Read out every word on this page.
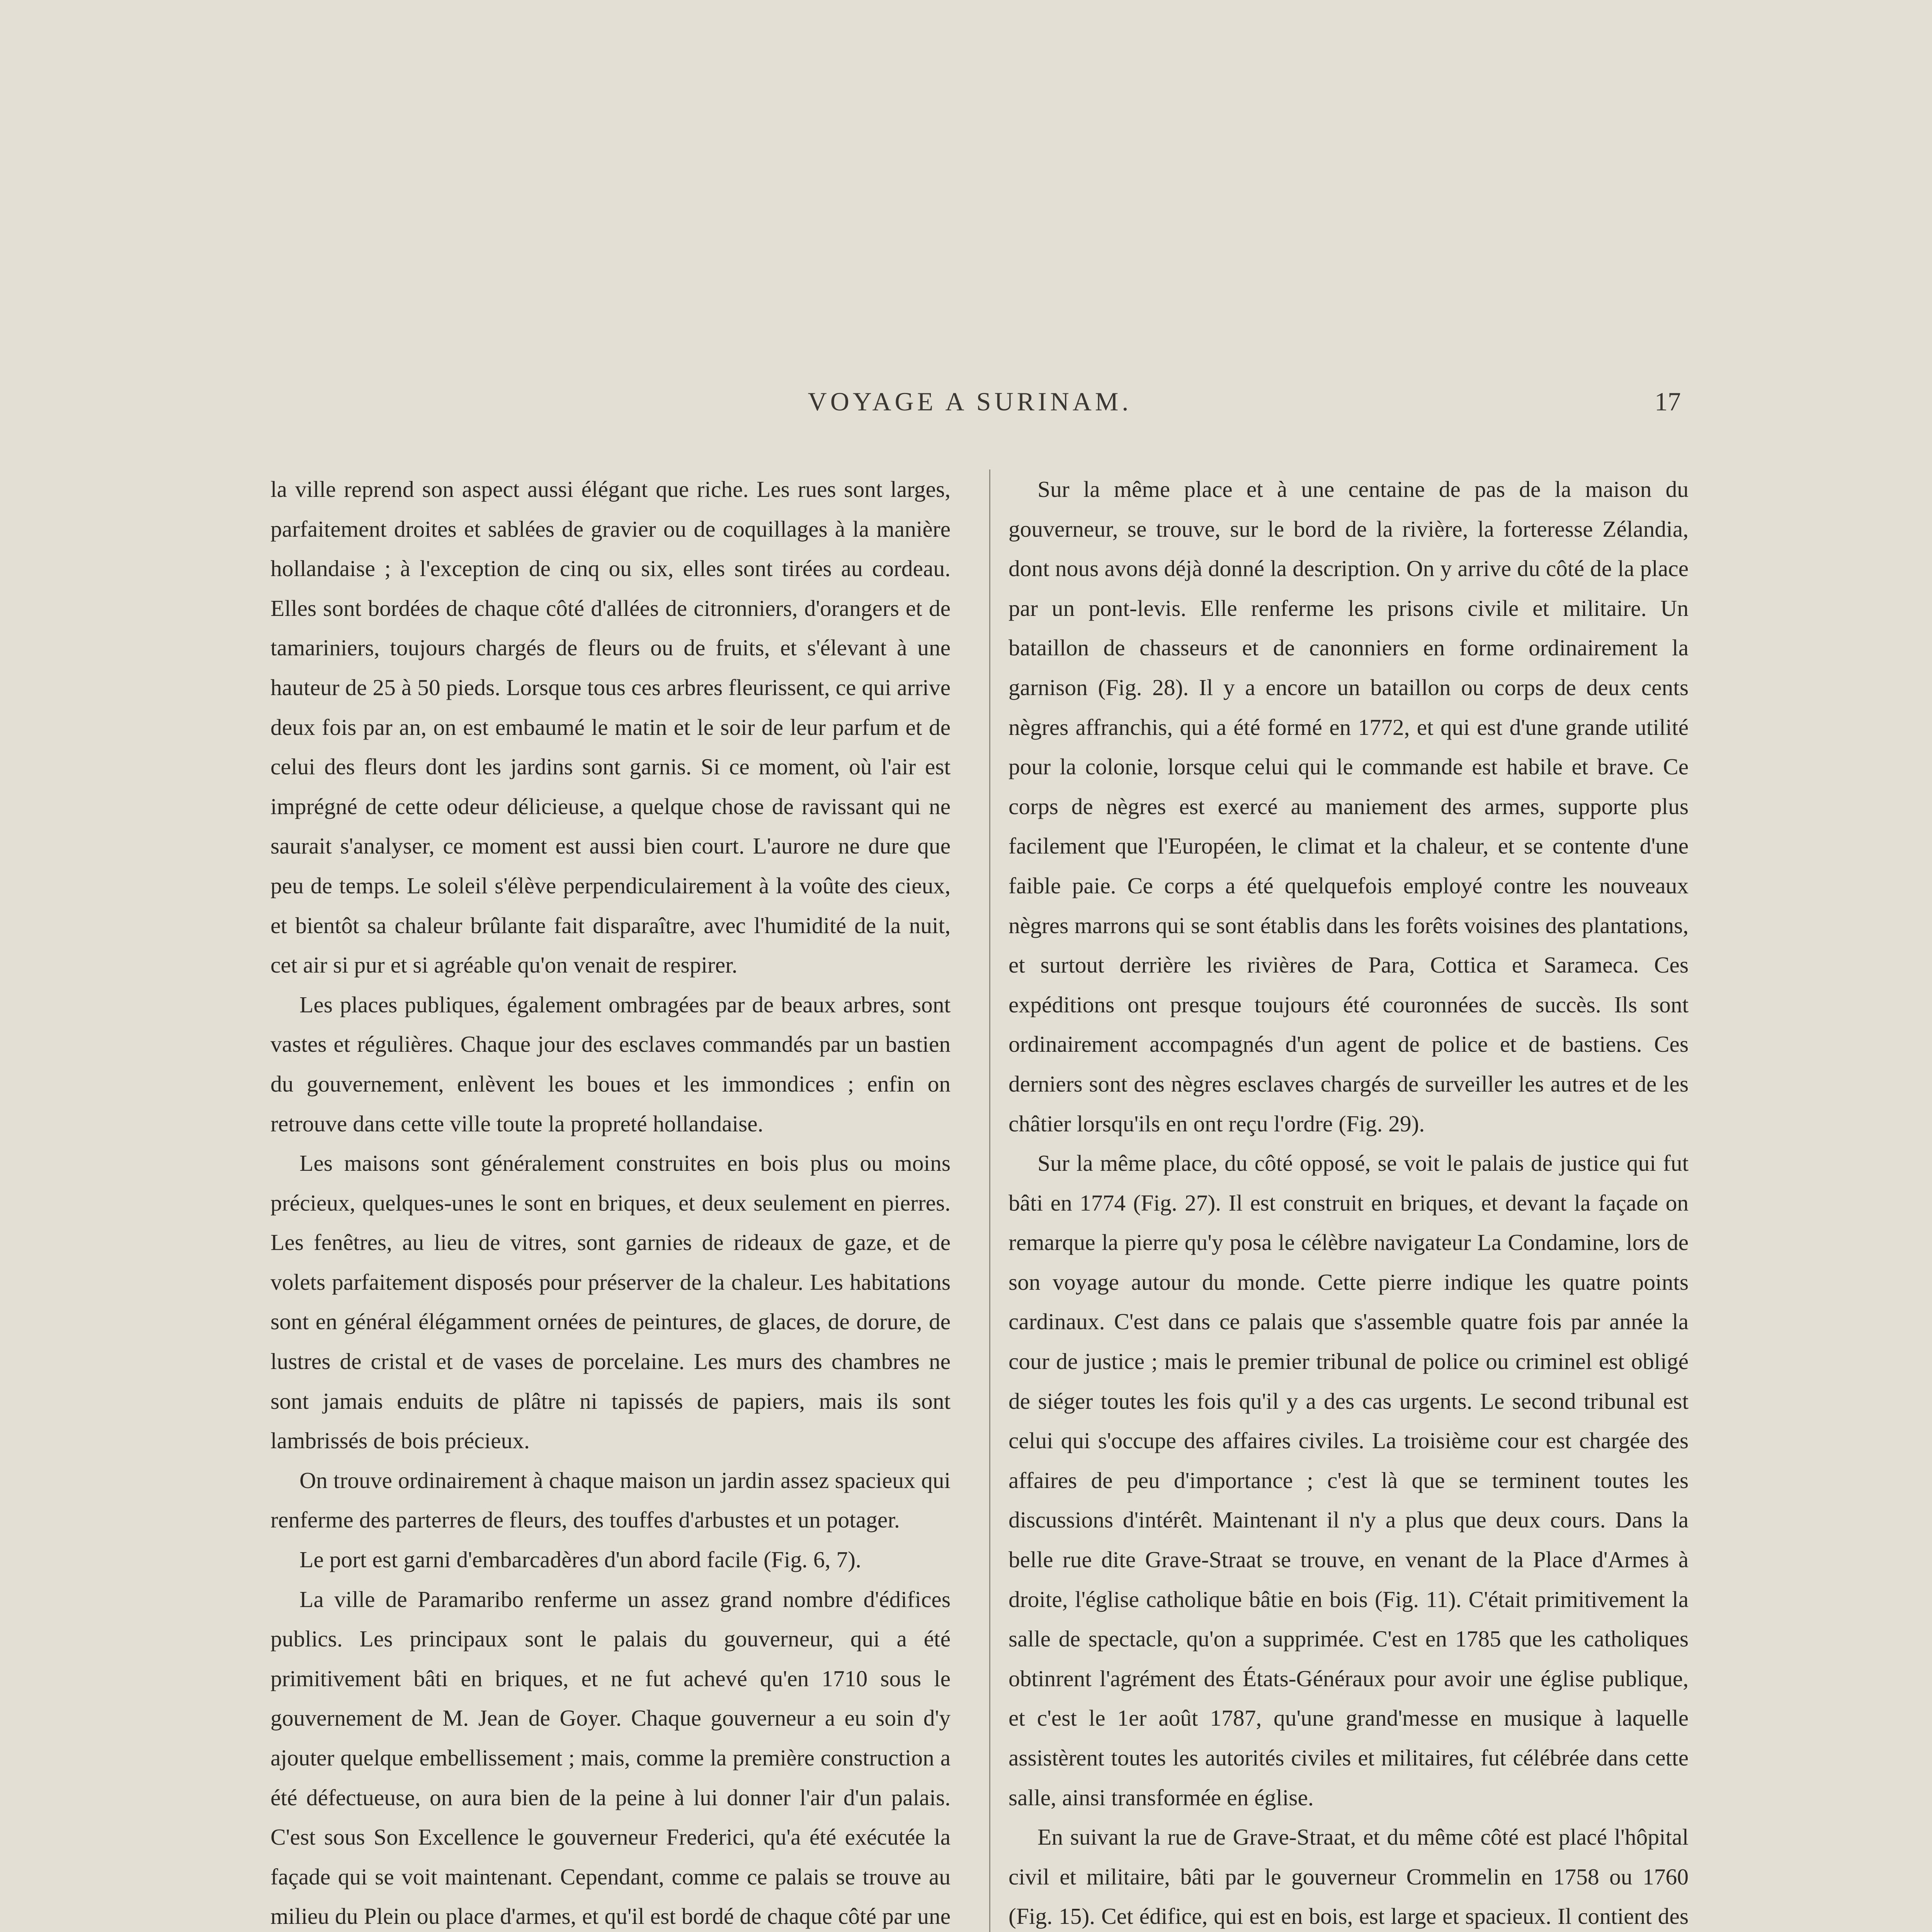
VOYAGE A SURINAM.	17

la ville reprend son aspect aussi élégant que riche. Les rues sont larges, parfaitement droites et sablées de gravier ou de coquillages à la manière hollandaise ; à l'exception de cinq ou six, elles sont tirées au cordeau. Elles sont bordées de chaque côté d'allées de citronniers, d'orangers et de tamariniers, toujours chargés de fleurs ou de fruits, et s'élevant à une hauteur de 25 à 50 pieds. Lorsque tous ces arbres fleurissent, ce qui arrive deux fois par an, on est embaumé le matin et le soir de leur parfum et de celui des fleurs dont les jardins sont garnis. Si ce moment, où l'air est imprégné de cette odeur délicieuse, a quelque chose de ravissant qui ne saurait s'analyser, ce moment est aussi bien court. L'aurore ne dure que peu de temps. Le soleil s'élève perpendiculairement à la voûte des cieux, et bientôt sa chaleur brûlante fait disparaître, avec l'humidité de la nuit, cet air si pur et si agréable qu'on venait de respirer.

Les places publiques, également ombragées par de beaux arbres, sont vastes et régulières. Chaque jour des esclaves commandés par un bastien du gouvernement, enlèvent les boues et les immondices ; enfin on retrouve dans cette ville toute la propreté hollandaise.

Les maisons sont généralement construites en bois plus ou moins précieux, quelques-unes le sont en briques, et deux seulement en pierres. Les fenêtres, au lieu de vitres, sont garnies de rideaux de gaze, et de volets parfaitement disposés pour préserver de la chaleur. Les habitations sont en général élégamment ornées de peintures, de glaces, de dorure, de lustres de cristal et de vases de porcelaine. Les murs des chambres ne sont jamais enduits de plâtre ni tapissés de papiers, mais ils sont lambrissés de bois précieux.

On trouve ordinairement à chaque maison un jardin assez spacieux qui renferme des parterres de fleurs, des touffes d'arbustes et un potager.

Le port est garni d'embarcadères d'un abord facile (Fig. 6, 7).

La ville de Paramaribo renferme un assez grand nombre d'édifices publics. Les principaux sont le palais du gouverneur, qui a été primitivement bâti en briques, et ne fut achevé qu'en 1710 sous le gouvernement de M. Jean de Goyer. Chaque gouverneur a eu soin d'y ajouter quelque embellissement ; mais, comme la première construction a été défectueuse, on aura bien de la peine à lui donner l'air d'un palais. C'est sous Son Excellence le gouverneur Frederici, qu'a été exécutée la façade qui se voit maintenant. Cependant, comme ce palais se trouve au milieu du Plein ou place d'armes, et qu'il est bordé de chaque côté par une

Sur la même place et à une centaine de pas de la maison du gouverneur, se trouve, sur le bord de la rivière, la forteresse Zélandia, dont nous avons déjà donné la description. On y arrive du côté de la place par un pont-levis. Elle renferme les prisons civile et militaire. Un bataillon de chasseurs et de canonniers en forme ordinairement la garnison (Fig. 28). Il y a encore un bataillon ou corps de deux cents nègres affranchis, qui a été formé en 1772, et qui est d'une grande utilité pour la colonie, lorsque celui qui le commande est habile et brave. Ce corps de nègres est exercé au maniement des armes, supporte plus facilement que l'Européen, le climat et la chaleur, et se contente d'une faible paie. Ce corps a été quelquefois employé contre les nouveaux nègres marrons qui se sont établis dans les forêts voisines des plantations, et surtout derrière les rivières de Para, Cottica et Sarameca. Ces expéditions ont presque toujours été couronnées de succès. Ils sont ordinairement accompagnés d'un agent de police et de bastiens. Ces derniers sont des nègres esclaves chargés de surveiller les autres et de les châtier lorsqu'ils en ont reçu l'ordre (Fig. 29).

Sur la même place, du côté opposé, se voit le palais de justice qui fut bâti en 1774 (Fig. 27). Il est construit en briques, et devant la façade on remarque la pierre qu'y posa le célèbre navigateur La Condamine, lors de son voyage autour du monde. Cette pierre indique les quatre points cardinaux. C'est dans ce palais que s'assemble quatre fois par année la cour de justice ; mais le premier tribunal de police ou criminel est obligé de siéger toutes les fois qu'il y a des cas urgents. Le second tribunal est celui qui s'occupe des affaires civiles. La troisième cour est chargée des affaires de peu d'importance ; c'est là que se terminent toutes les discussions d'intérêt. Maintenant il n'y a plus que deux cours. Dans la belle rue dite Grave-Straat se trouve, en venant de la Place d'Armes à droite, l'église catholique bâtie en bois (Fig. 11). C'était primitivement la salle de spectacle, qu'on a supprimée. C'est en 1785 que les catholiques obtinrent l'agrément des États-Généraux pour avoir une église publique, et c'est le 1er août 1787, qu'une grand'messe en musique à laquelle assistèrent toutes les autorités civiles et militaires, fut célébrée dans cette salle, ainsi transformée en église.

En suivant la rue de Grave-Straat, et du même côté est placé l'hôpital civil et militaire, bâti par le gouverneur Crommelin en 1758 ou 1760 (Fig. 15). Cet édifice, qui est en bois, est large et spacieux. Il contient des
